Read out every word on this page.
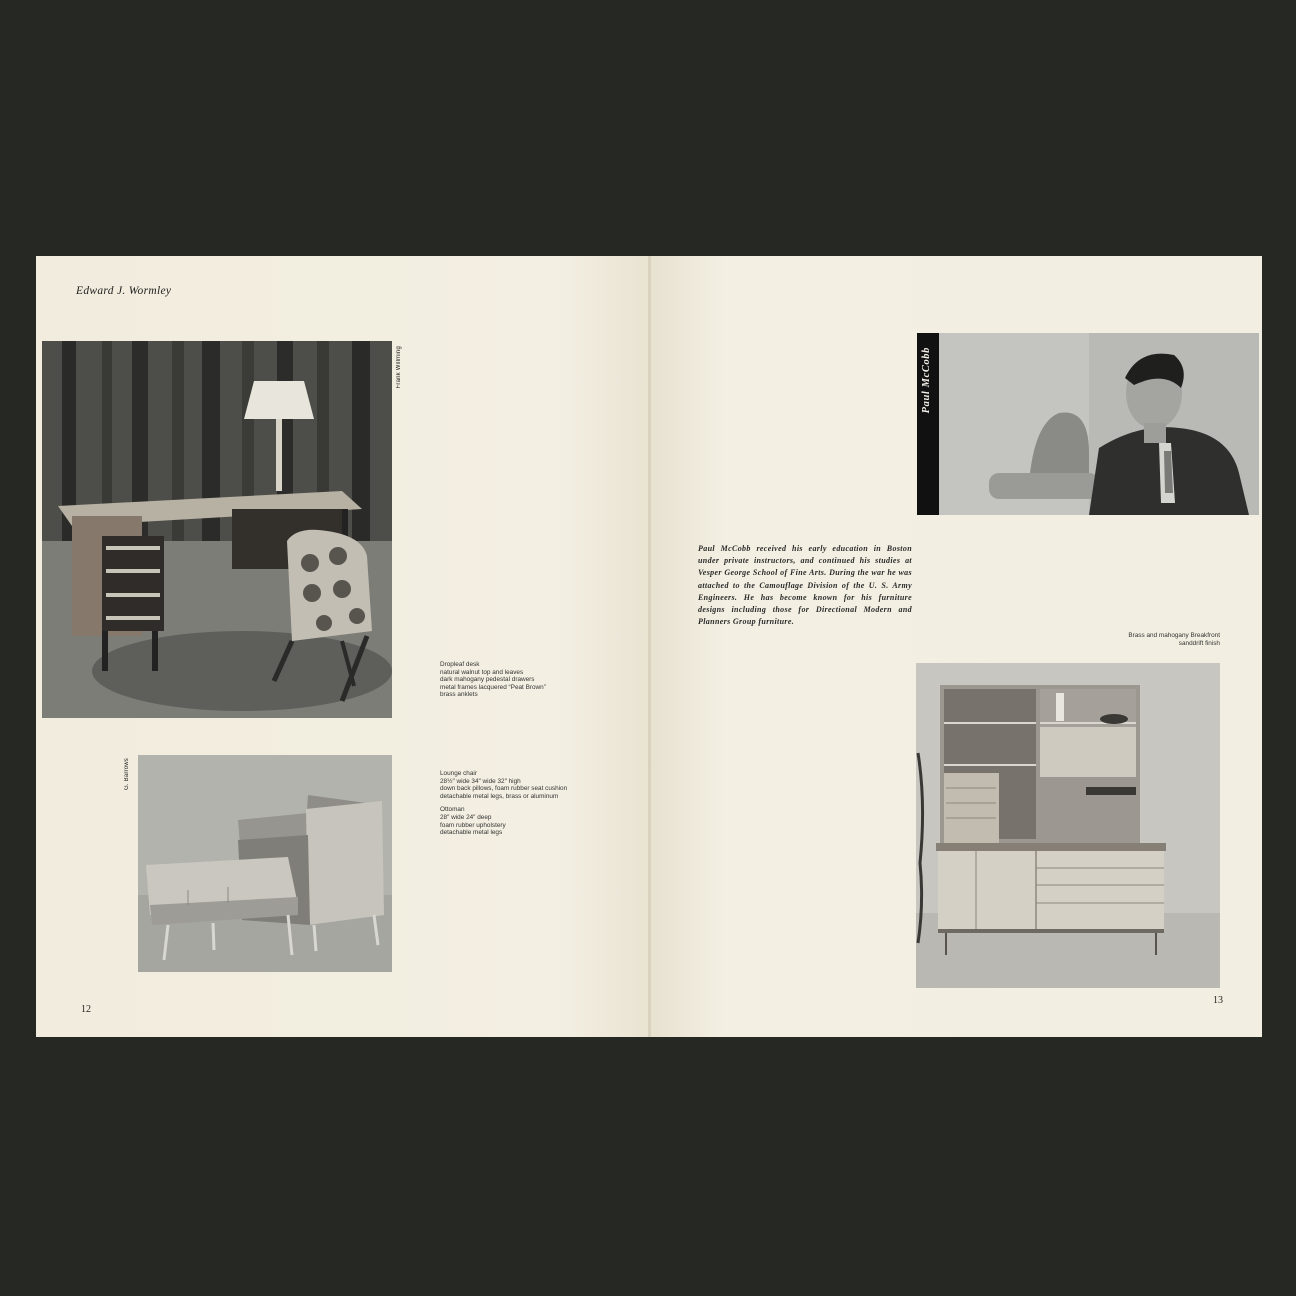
Edward J. Wormley
Frank Willming
Dropleaf desk
natural walnut top and leaves
dark mahogany pedestal drawers
metal frames lacquered “Peat Brown”
brass anklets
G. Barrows	Lounge chair
28½″ wide 34″ wide 32″ high
down back pillows, foam rubber seat cushion
detachable metal legs, brass or aluminum
Ottoman
28″ wide 24″ deep
foam rubber upholstery
detachable metal legs
12
Paul McCobb
Paul McCobb received his early education in Boston under private instructors, and continued his studies at Vesper George School of Fine Arts. During the war he was attached to the Camouflage Division of the U. S. Army Engineers. He has become known for his furniture designs including those for Directional Modern and Planners Group furniture.
Brass and mahogany Breakfront
sanddrift finish
13
